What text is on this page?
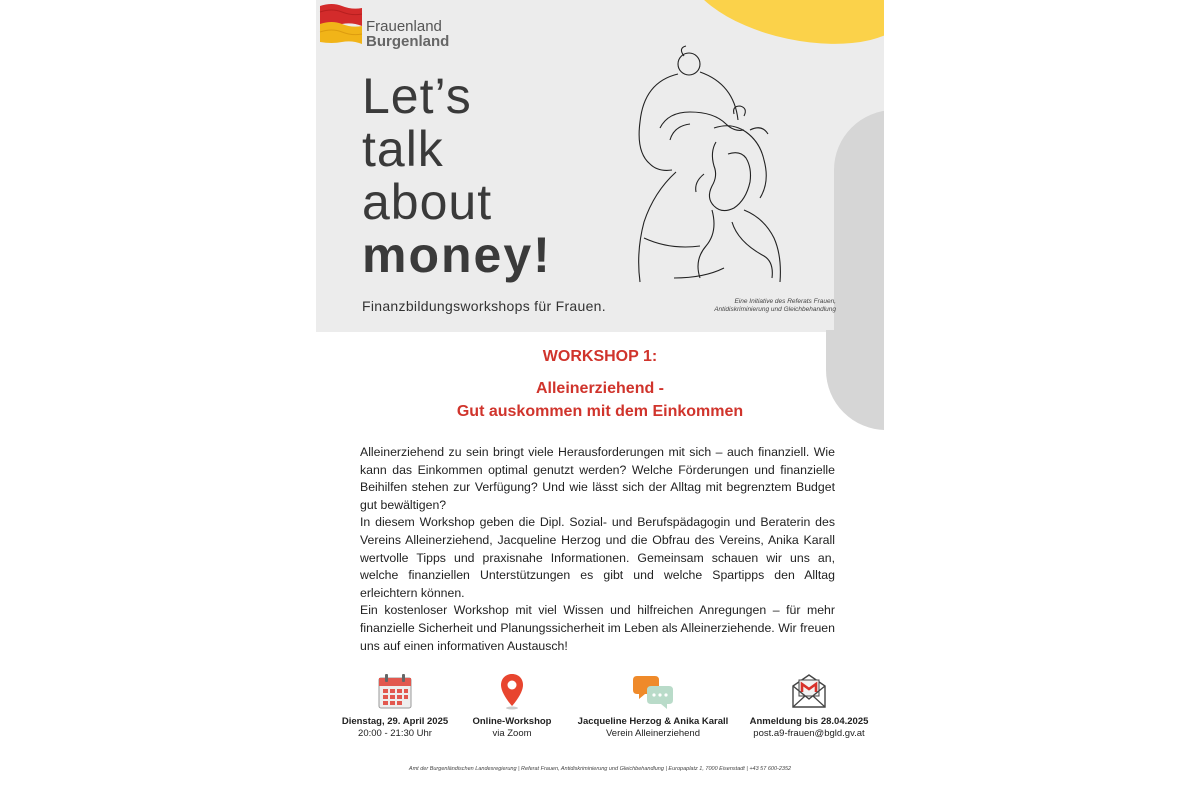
Frauenland
Burgenland
Let’s
talk
about
money!
Finanzbildungsworkshops für Frauen.	Eine Initiative des Referats Frauen,
Antidiskriminierung und Gleichbehandlung
WORKSHOP 1:
Alleinerziehend -
Gut auskommen mit dem Einkommen

Alleinerziehend zu sein bringt viele Herausforderungen mit sich – auch finanziell. Wie kann das Einkommen optimal genutzt werden? Welche Förderungen und finanzielle Beihilfen stehen zur Verfügung? Und wie lässt sich der Alltag mit begrenztem Budget gut bewältigen?

In diesem Workshop geben die Dipl. Sozial- und Berufspädagogin und Beraterin des Vereins Alleinerziehend, Jacqueline Herzog und die Obfrau des Vereins, Anika Karall wertvolle Tipps und praxisnahe Informationen. Gemeinsam schauen wir uns an, welche finanziellen Unterstützungen es gibt und welche Spartipps den Alltag erleichtern können.

Ein kostenloser Workshop mit viel Wissen und hilfreichen Anregungen – für mehr finanzielle Sicherheit und Planungssicherheit im Leben als Alleinerziehende. Wir freuen uns auf einen informativen Austausch!

Dienstag, 29. April 2025
20:00 - 21:30 Uhr
Online-Workshop
via Zoom
Jacqueline Herzog & Anika Karall
Verein Alleinerziehend
Anmeldung bis 28.04.2025
post.a9-frauen@bgld.gv.at
Amt der Burgenländischen Landesregierung | Referat Frauen, Antidiskriminierung und Gleichbehandlung | Europaplatz 1, 7000 Eisenstadt | +43 57 600-2352
